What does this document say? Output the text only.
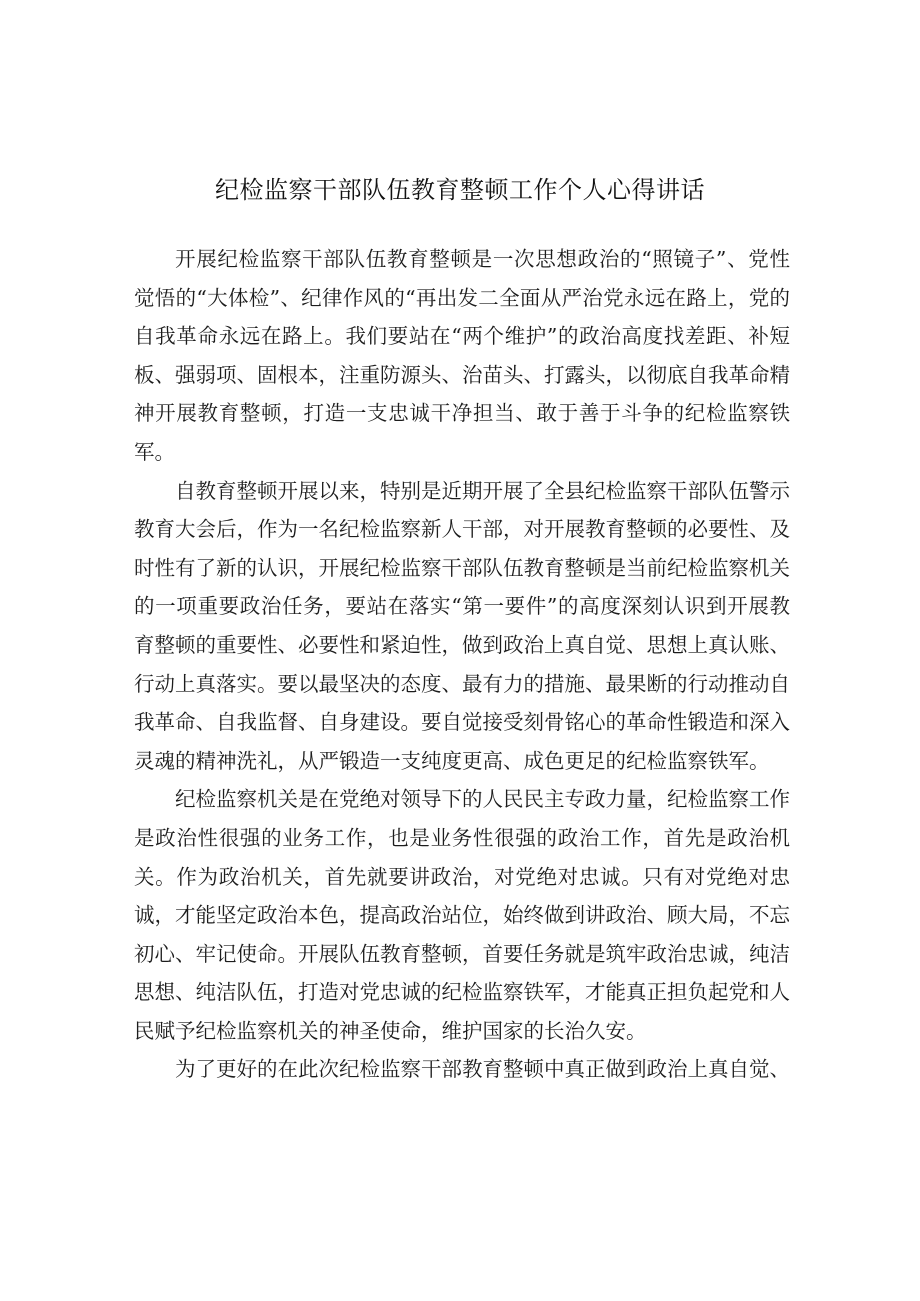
纪检监察干部队伍教育整顿工作个人心得讲话

开展纪检监察干部队伍教育整顿是一次思想政治的“照镜子”、党性觉悟的“大体检”、纪律作风的“再出发二全面从严治党永远在路上，党的自我革命永远在路上。我们要站在“两个维护”的政治高度找差距、补短板、强弱项、固根本，注重防源头、治苗头、打露头，以彻底自我革命精神开展教育整顿，打造一支忠诚干净担当、敢于善于斗争的纪检监察铁军。

自教育整顿开展以来，特别是近期开展了全县纪检监察干部队伍警示教育大会后，作为一名纪检监察新人干部，对开展教育整顿的必要性、及时性有了新的认识，开展纪检监察干部队伍教育整顿是当前纪检监察机关的一项重要政治任务，要站在落实“第一要件”的高度深刻认识到开展教育整顿的重要性、必要性和紧迫性，做到政治上真自觉、思想上真认账、行动上真落实。要以最坚决的态度、最有力的措施、最果断的行动推动自我革命、自我监督、自身建设。要自觉接受刻骨铭心的革命性锻造和深入灵魂的精神洗礼，从严锻造一支纯度更高、成色更足的纪检监察铁军。

纪检监察机关是在党绝对领导下的人民民主专政力量，纪检监察工作是政治性很强的业务工作，也是业务性很强的政治工作，首先是政治机关。作为政治机关，首先就要讲政治，对党绝对忠诚。只有对党绝对忠诚，才能坚定政治本色，提高政治站位，始终做到讲政治、顾大局，不忘初心、牢记使命。开展队伍教育整顿，首要任务就是筑牢政治忠诚，纯洁思想、纯洁队伍，打造对党忠诚的纪检监察铁军，才能真正担负起党和人民赋予纪检监察机关的神圣使命，维护国家的长治久安。

为了更好的在此次纪检监察干部教育整顿中真正做到政治上真自觉、
